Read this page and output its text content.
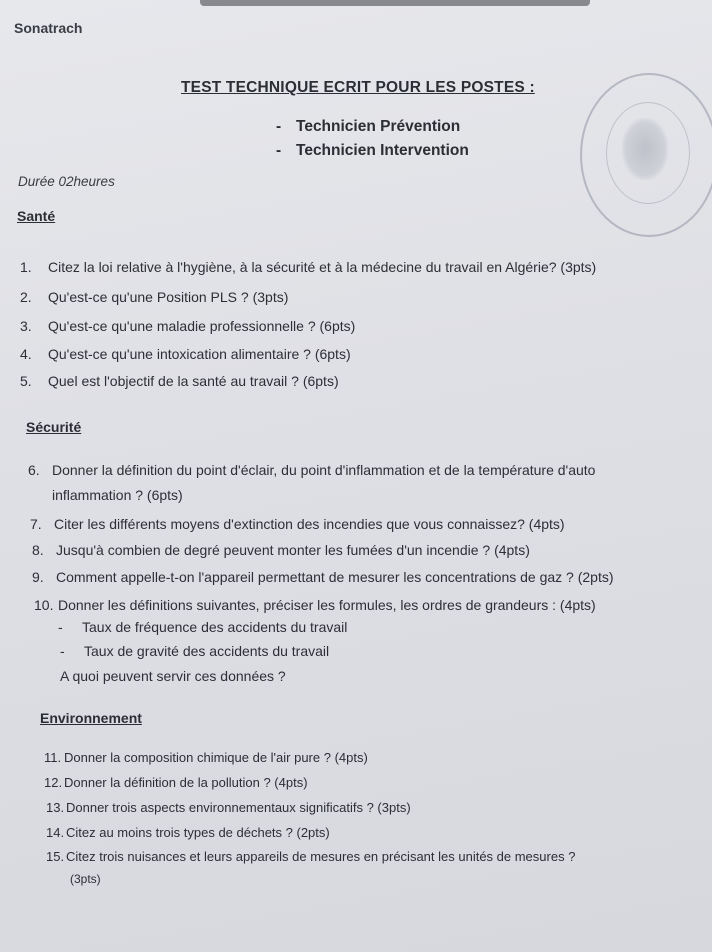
Sonatrach
TEST TECHNIQUE ECRIT POUR LES POSTES :
- Technicien Prévention
- Technicien Intervention
Durée 02heures
Santé
1. Citez la loi relative à l'hygiène, à la sécurité et à la médecine du travail en Algérie? (3pts)
2. Qu'est-ce qu'une Position PLS ? (3pts)
3. Qu'est-ce qu'une maladie professionnelle ? (6pts)
4. Qu'est-ce qu'une intoxication alimentaire ? (6pts)
5. Quel est l'objectif de la santé au travail ? (6pts)
Sécurité
6. Donner la définition du point d'éclair, du point d'inflammation et de la température d'auto
inflammation ? (6pts)
7. Citer les différents moyens d'extinction des incendies que vous connaissez? (4pts)
8. Jusqu'à combien de degré peuvent monter les fumées d'un incendie ? (4pts)
9. Comment appelle-t-on l'appareil permettant de mesurer les concentrations de gaz ? (2pts)
10. Donner les définitions suivantes, préciser les formules, les ordres de grandeurs : (4pts)
- Taux de fréquence des accidents du travail
- Taux de gravité des accidents du travail
A quoi peuvent servir ces données ?
Environnement
11. Donner la composition chimique de l'air pure ? (4pts)
12. Donner la définition de la pollution ? (4pts)
13. Donner trois aspects environnementaux significatifs ? (3pts)
14. Citez au moins trois types de déchets ? (2pts)
15. Citez trois nuisances et leurs appareils de mesures en précisant les unités de mesures ?
(3pts)
